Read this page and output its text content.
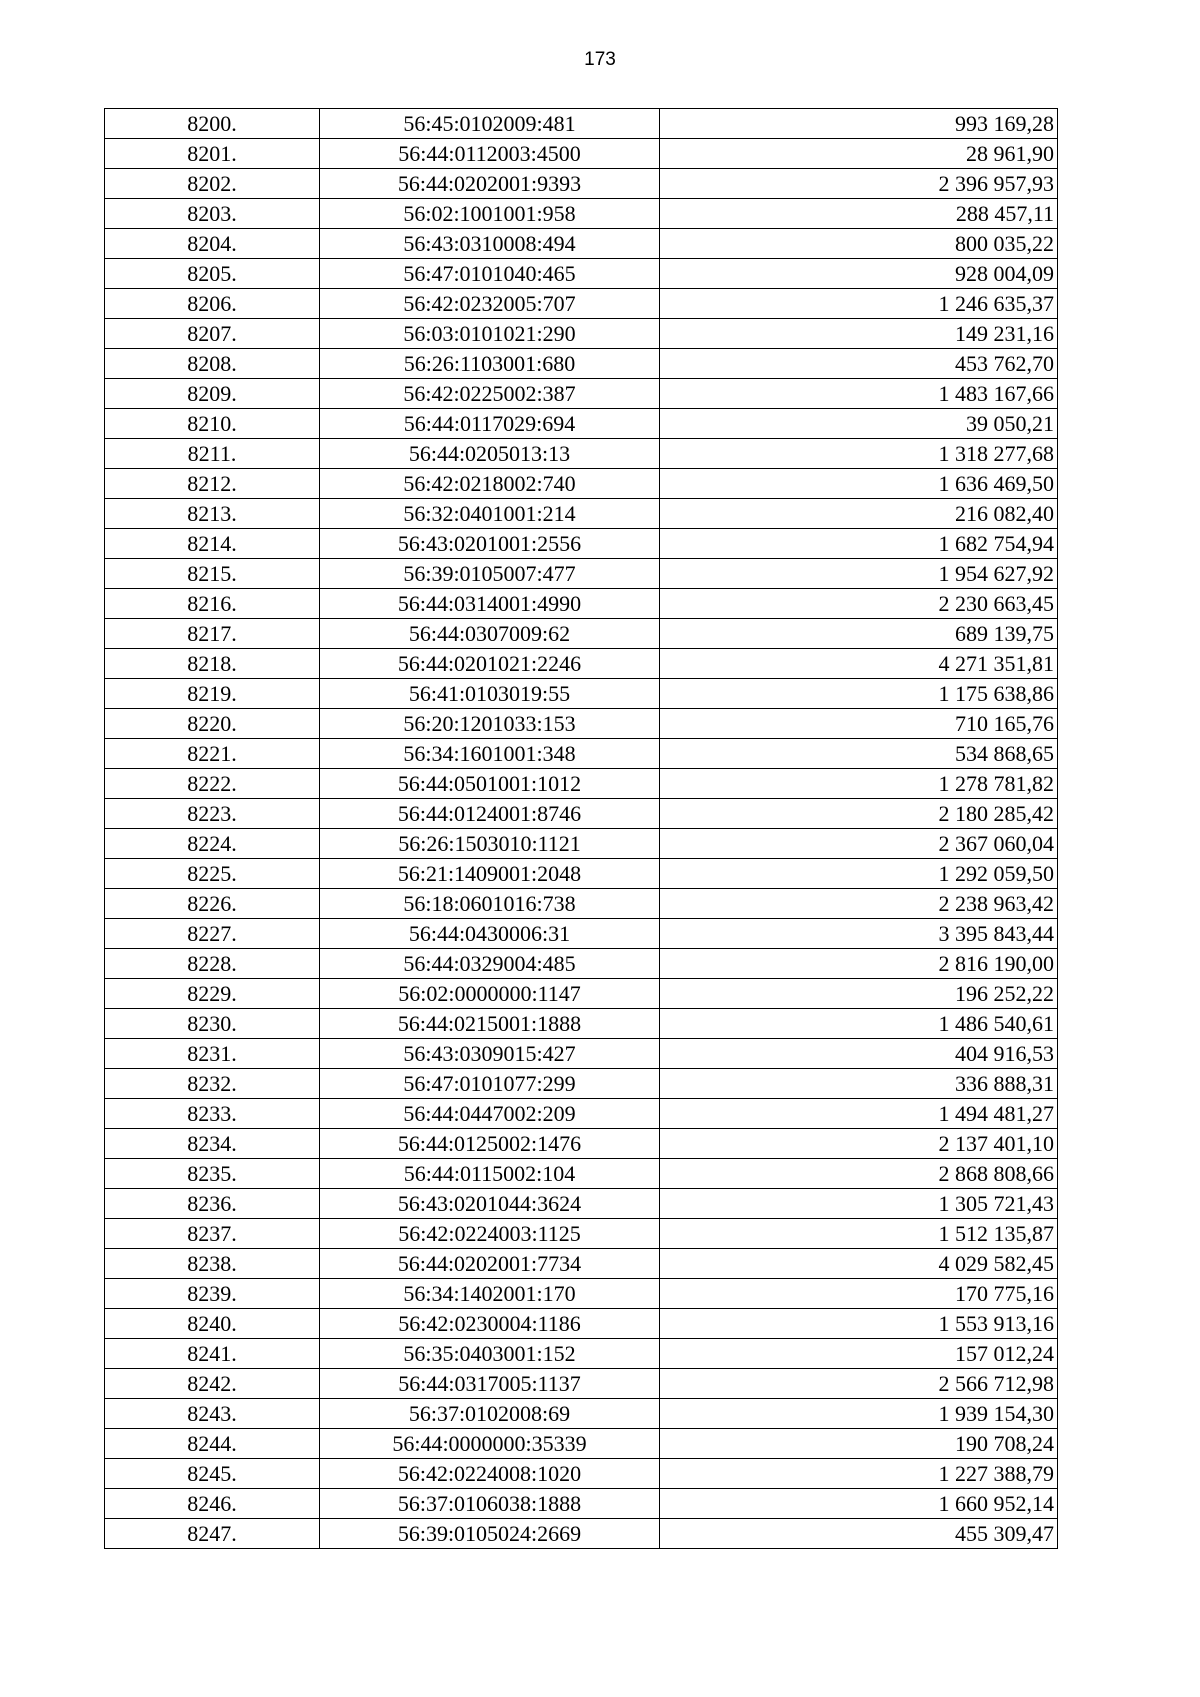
173
8200.	56:45:0102009:481	993 169,28
8201.	56:44:0112003:4500	28 961,90
8202.	56:44:0202001:9393	2 396 957,93
8203.	56:02:1001001:958	288 457,11
8204.	56:43:0310008:494	800 035,22
8205.	56:47:0101040:465	928 004,09
8206.	56:42:0232005:707	1 246 635,37
8207.	56:03:0101021:290	149 231,16
8208.	56:26:1103001:680	453 762,70
8209.	56:42:0225002:387	1 483 167,66
8210.	56:44:0117029:694	39 050,21
8211.	56:44:0205013:13	1 318 277,68
8212.	56:42:0218002:740	1 636 469,50
8213.	56:32:0401001:214	216 082,40
8214.	56:43:0201001:2556	1 682 754,94
8215.	56:39:0105007:477	1 954 627,92
8216.	56:44:0314001:4990	2 230 663,45
8217.	56:44:0307009:62	689 139,75
8218.	56:44:0201021:2246	4 271 351,81
8219.	56:41:0103019:55	1 175 638,86
8220.	56:20:1201033:153	710 165,76
8221.	56:34:1601001:348	534 868,65
8222.	56:44:0501001:1012	1 278 781,82
8223.	56:44:0124001:8746	2 180 285,42
8224.	56:26:1503010:1121	2 367 060,04
8225.	56:21:1409001:2048	1 292 059,50
8226.	56:18:0601016:738	2 238 963,42
8227.	56:44:0430006:31	3 395 843,44
8228.	56:44:0329004:485	2 816 190,00
8229.	56:02:0000000:1147	196 252,22
8230.	56:44:0215001:1888	1 486 540,61
8231.	56:43:0309015:427	404 916,53
8232.	56:47:0101077:299	336 888,31
8233.	56:44:0447002:209	1 494 481,27
8234.	56:44:0125002:1476	2 137 401,10
8235.	56:44:0115002:104	2 868 808,66
8236.	56:43:0201044:3624	1 305 721,43
8237.	56:42:0224003:1125	1 512 135,87
8238.	56:44:0202001:7734	4 029 582,45
8239.	56:34:1402001:170	170 775,16
8240.	56:42:0230004:1186	1 553 913,16
8241.	56:35:0403001:152	157 012,24
8242.	56:44:0317005:1137	2 566 712,98
8243.	56:37:0102008:69	1 939 154,30
8244.	56:44:0000000:35339	190 708,24
8245.	56:42:0224008:1020	1 227 388,79
8246.	56:37:0106038:1888	1 660 952,14
8247.	56:39:0105024:2669	455 309,47
